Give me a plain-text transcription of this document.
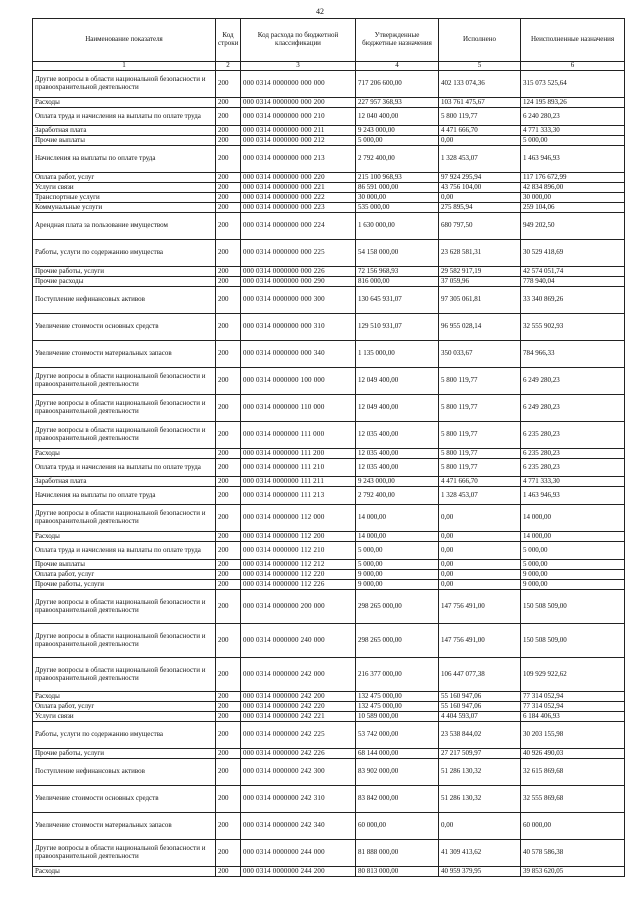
42
Наименование показателя	Код строки	Код расхода по бюджетной классификации	Утвержденные бюджетные назначения	Исполнено	Неисполненные назначения
1	2	3	4	5	6
Другие вопросы в области национальной безопасности и правоохранительной деятельности	200	000 0314 0000000 000 000	717 206 600,00	402 133 074,36	315 073 525,64
Расходы	200	000 0314 0000000 000 200	227 957 368,93	103 761 475,67	124 195 893,26
Оплата труда и начисления на выплаты по оплате труда	200	000 0314 0000000 000 210	12 040 400,00	5 800 119,77	6 240 280,23
Заработная плата	200	000 0314 0000000 000 211	9 243 000,00	4 471 666,70	4 771 333,30
Прочие выплаты	200	000 0314 0000000 000 212	5 000,00	0,00	5 000,00
Начисления на выплаты по оплате труда	200	000 0314 0000000 000 213	2 792 400,00	1 328 453,07	1 463 946,93
Оплата работ, услуг	200	000 0314 0000000 000 220	215 100 968,93	97 924 295,94	117 176 672,99
Услуги связи	200	000 0314 0000000 000 221	86 591 000,00	43 756 104,00	42 834 896,00
Транспортные услуги	200	000 0314 0000000 000 222	30 000,00	0,00	30 000,00
Коммунальные услуги	200	000 0314 0000000 000 223	535 000,00	275 895,94	259 104,06
Арендная плата за пользование имуществом	200	000 0314 0000000 000 224	1 630 000,00	680 797,50	949 202,50
Работы, услуги по содержанию имущества	200	000 0314 0000000 000 225	54 158 000,00	23 628 581,31	30 529 418,69
Прочие работы, услуги	200	000 0314 0000000 000 226	72 156 968,93	29 582 917,19	42 574 051,74
Прочие расходы	200	000 0314 0000000 000 290	816 000,00	37 059,96	778 940,04
Поступление нефинансовых активов	200	000 0314 0000000 000 300	130 645 931,07	97 305 061,81	33 340 869,26
Увеличение стоимости основных средств	200	000 0314 0000000 000 310	129 510 931,07	96 955 028,14	32 555 902,93
Увеличение стоимости материальных запасов	200	000 0314 0000000 000 340	1 135 000,00	350 033,67	784 966,33
Другие вопросы в области национальной безопасности и правоохранительной деятельности	200	000 0314 0000000 100 000	12 049 400,00	5 800 119,77	6 249 280,23
Другие вопросы в области национальной безопасности и правоохранительной деятельности	200	000 0314 0000000 110 000	12 049 400,00	5 800 119,77	6 249 280,23
Другие вопросы в области национальной безопасности и правоохранительной деятельности	200	000 0314 0000000 111 000	12 035 400,00	5 800 119,77	6 235 280,23
Расходы	200	000 0314 0000000 111 200	12 035 400,00	5 800 119,77	6 235 280,23
Оплата труда и начисления на выплаты по оплате труда	200	000 0314 0000000 111 210	12 035 400,00	5 800 119,77	6 235 280,23
Заработная плата	200	000 0314 0000000 111 211	9 243 000,00	4 471 666,70	4 771 333,30
Начисления на выплаты по оплате труда	200	000 0314 0000000 111 213	2 792 400,00	1 328 453,07	1 463 946,93
Другие вопросы в области национальной безопасности и правоохранительной деятельности	200	000 0314 0000000 112 000	14 000,00	0,00	14 000,00
Расходы	200	000 0314 0000000 112 200	14 000,00	0,00	14 000,00
Оплата труда и начисления на выплаты по оплате труда	200	000 0314 0000000 112 210	5 000,00	0,00	5 000,00
Прочие выплаты	200	000 0314 0000000 112 212	5 000,00	0,00	5 000,00
Оплата работ, услуг	200	000 0314 0000000 112 220	9 000,00	0,00	9 000,00
Прочие работы, услуги	200	000 0314 0000000 112 226	9 000,00	0,00	9 000,00
Другие вопросы в области национальной безопасности и правоохранительной деятельности	200	000 0314 0000000 200 000	298 265 000,00	147 756 491,00	150 508 509,00
Другие вопросы в области национальной безопасности и правоохранительной деятельности	200	000 0314 0000000 240 000	298 265 000,00	147 756 491,00	150 508 509,00
Другие вопросы в области национальной безопасности и правоохранительной деятельности	200	000 0314 0000000 242 000	216 377 000,00	106 447 077,38	109 929 922,62
Расходы	200	000 0314 0000000 242 200	132 475 000,00	55 160 947,06	77 314 052,94
Оплата работ, услуг	200	000 0314 0000000 242 220	132 475 000,00	55 160 947,06	77 314 052,94
Услуги связи	200	000 0314 0000000 242 221	10 589 000,00	4 404 593,07	6 184 406,93
Работы, услуги по содержанию имущества	200	000 0314 0000000 242 225	53 742 000,00	23 538 844,02	30 203 155,98
Прочие работы, услуги	200	000 0314 0000000 242 226	68 144 000,00	27 217 509,97	40 926 490,03
Поступление нефинансовых активов	200	000 0314 0000000 242 300	83 902 000,00	51 286 130,32	32 615 869,68
Увеличение стоимости основных средств	200	000 0314 0000000 242 310	83 842 000,00	51 286 130,32	32 555 869,68
Увеличение стоимости материальных запасов	200	000 0314 0000000 242 340	60 000,00	0,00	60 000,00
Другие вопросы в области национальной безопасности и правоохранительной деятельности	200	000 0314 0000000 244 000	81 888 000,00	41 309 413,62	40 578 586,38
Расходы	200	000 0314 0000000 244 200	80 813 000,00	40 959 379,95	39 853 620,05
